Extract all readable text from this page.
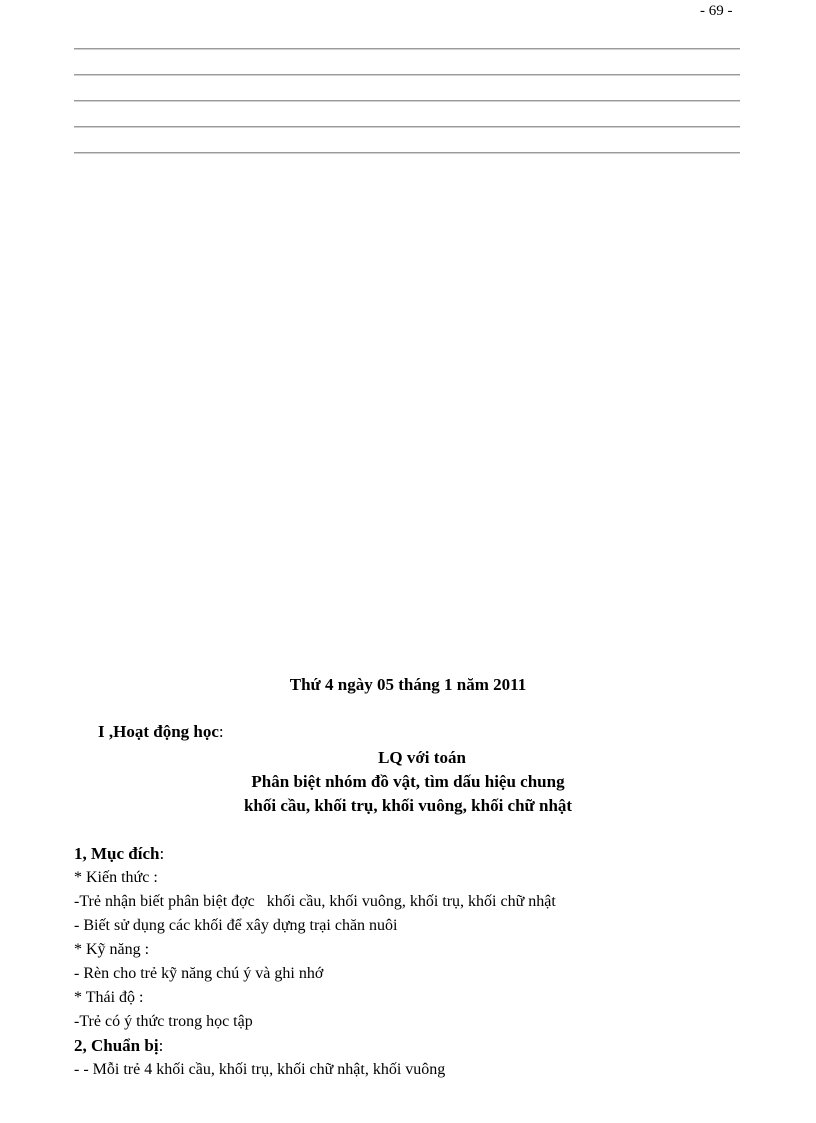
- 69 -
Thứ 4 ngày 05 tháng 1 năm 2011
I ,Hoạt động học:
LQ với toán
Phân biệt nhóm đồ vật, tìm dấu hiệu chung
khối cầu, khối trụ, khối vuông, khối chữ nhật
1, Mục đích:
* Kiến thức :
-Trẻ nhận biết phân biệt đợc   khối cầu, khối vuông, khối trụ, khối chữ nhật
- Biết sử dụng các khối để xây dựng trại chăn nuôi
* Kỹ năng :
- Rèn cho trẻ kỹ năng chú ý và ghi nhớ
* Thái độ :
-Trẻ có ý thức trong học tập
2, Chuẩn bị:
- - Mỗi trẻ 4 khối cầu, khối trụ, khối chữ nhật, khối vuông
